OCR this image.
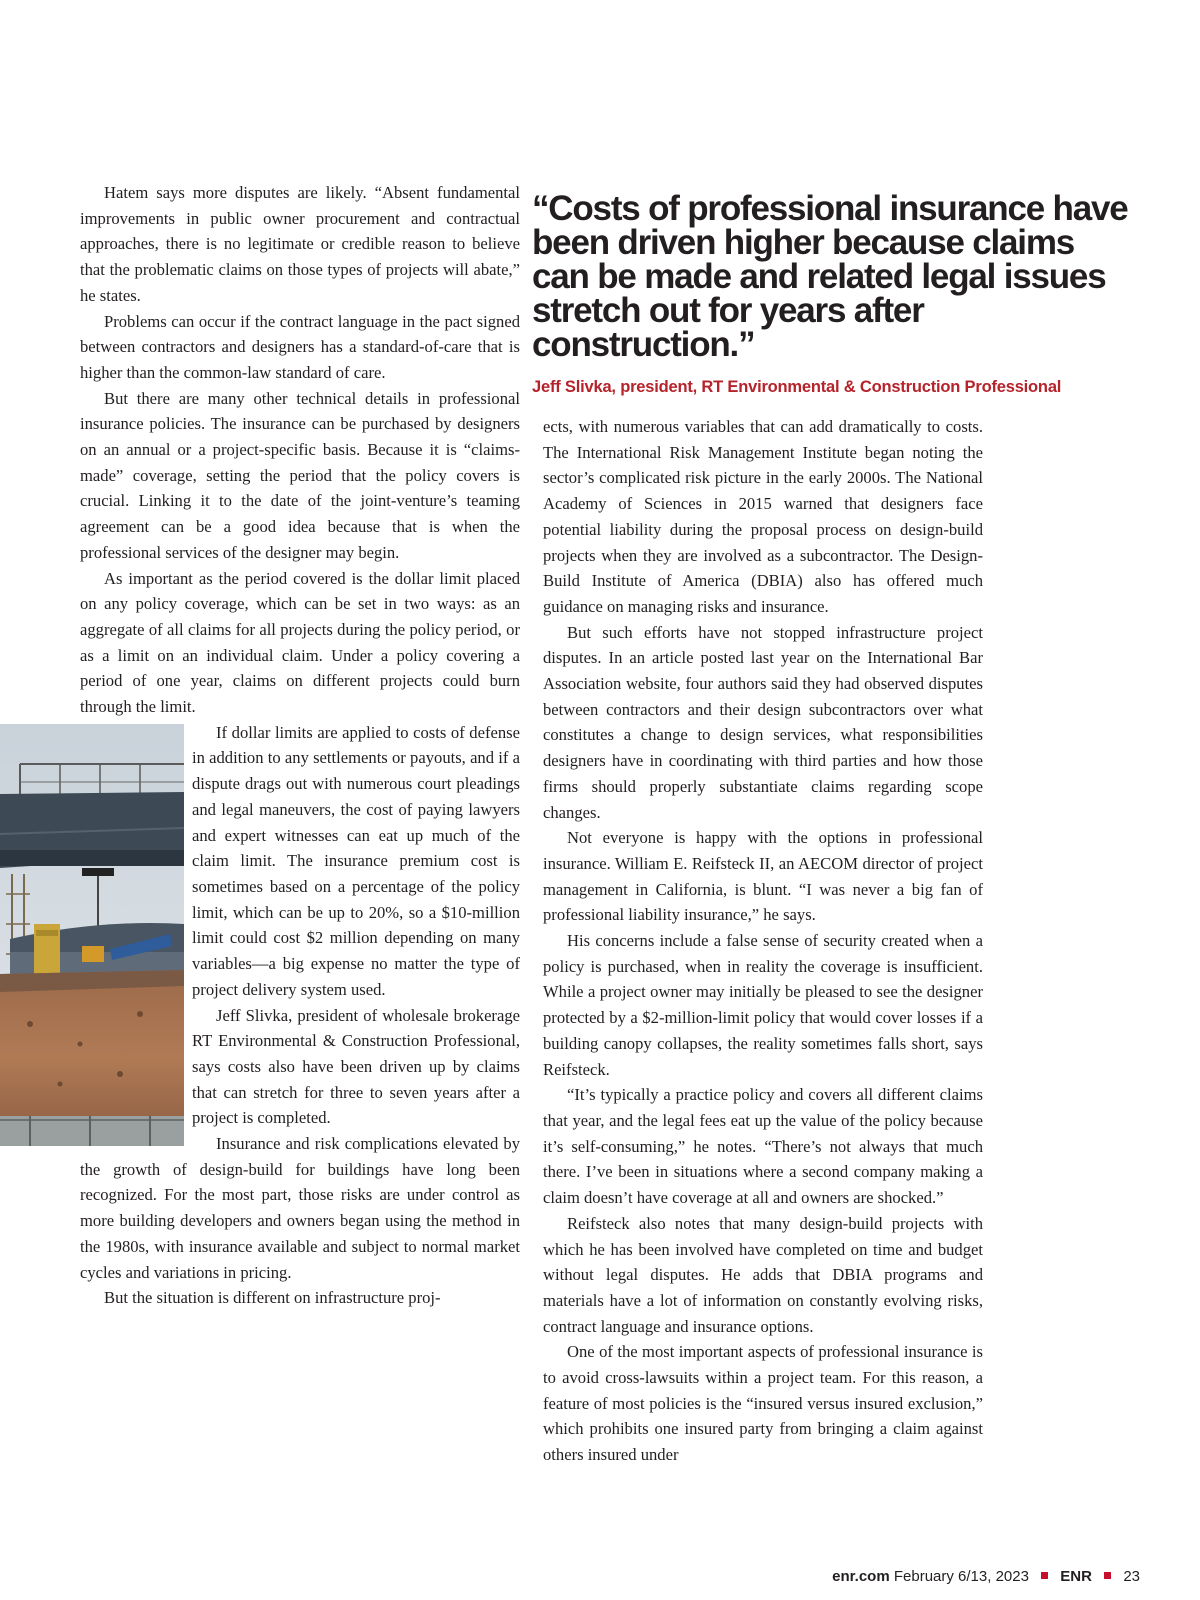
Hatem says more disputes are likely. “Absent fundamental improvements in public owner procurement and contractual approaches, there is no legitimate or credible reason to believe that the problematic claims on those types of projects will abate,” he states.

Problems can occur if the contract language in the pact signed between contractors and designers has a standard-of-care that is higher than the common-law standard of care.

But there are many other technical details in professional insurance policies. The insurance can be purchased by designers on an annual or a project-specific basis. Because it is “claims-made” coverage, setting the period that the policy covers is crucial. Linking it to the date of the joint-venture’s teaming agreement can be a good idea because that is when the professional services of the designer may begin.

As important as the period covered is the dollar limit placed on any policy coverage, which can be set in two ways: as an aggregate of all claims for all projects during the policy period, or as a limit on an individual claim. Under a policy covering a period of one year, claims on different projects could burn through the limit.

If dollar limits are applied to costs of defense in addition to any settlements or payouts, and if a dispute drags out with numerous court pleadings and legal maneuvers, the cost of paying lawyers and expert witnesses can eat up much of the claim limit. The insurance premium cost is sometimes based on a percentage of the policy limit, which can be up to 20%, so a $10-million limit could cost $2 million depending on many variables—a big expense no matter the type of project delivery system used.

Jeff Slivka, president of wholesale brokerage RT Environmental & Construction Professional, says costs also have been driven up by claims that can stretch for three to seven years after a project is completed.

Insurance and risk complications elevated by the growth of design-build for buildings have long been recognized. For the most part, those risks are under control as more building developers and owners began using the method in the 1980s, with insurance available and subject to normal market cycles and variations in pricing.

But the situation is different on infrastructure proj-

“Costs of professional insurance have been driven higher because claims can be made and related legal issues stretch out for years after construction.”
Jeff Slivka, president, RT Environmental & Construction Professional

ects, with numerous variables that can add dramatically to costs. The International Risk Management Institute began noting the sector’s complicated risk picture in the early 2000s. The National Academy of Sciences in 2015 warned that designers face potential liability during the proposal process on design-build projects when they are involved as a subcontractor. The Design-Build Institute of America (DBIA) also has offered much guidance on managing risks and insurance.

But such efforts have not stopped infrastructure project disputes. In an article posted last year on the International Bar Association website, four authors said they had observed disputes between contractors and their design subcontractors over what constitutes a change to design services, what responsibilities designers have in coordinating with third parties and how those firms should properly substantiate claims regarding scope changes.

Not everyone is happy with the options in professional insurance. William E. Reifsteck II, an AECOM director of project management in California, is blunt. “I was never a big fan of professional liability insurance,” he says.

His concerns include a false sense of security created when a policy is purchased, when in reality the coverage is insufficient. While a project owner may initially be pleased to see the designer protected by a $2-million-limit policy that would cover losses if a building canopy collapses, the reality sometimes falls short, says Reifsteck.

“It’s typically a practice policy and covers all different claims that year, and the legal fees eat up the value of the policy because it’s self-consuming,” he notes. “There’s not always that much there. I’ve been in situations where a second company making a claim doesn’t have coverage at all and owners are shocked.”

Reifsteck also notes that many design-build projects with which he has been involved have completed on time and budget without legal disputes. He adds that DBIA programs and materials have a lot of information on constantly evolving risks, contract language and insurance options.

One of the most important aspects of professional insurance is to avoid cross-lawsuits within a project team. For this reason, a feature of most policies is the “insured versus insured exclusion,” which prohibits one insured party from bringing a claim against others insured under

enr.com February 6/13, 2023 ENR 23
